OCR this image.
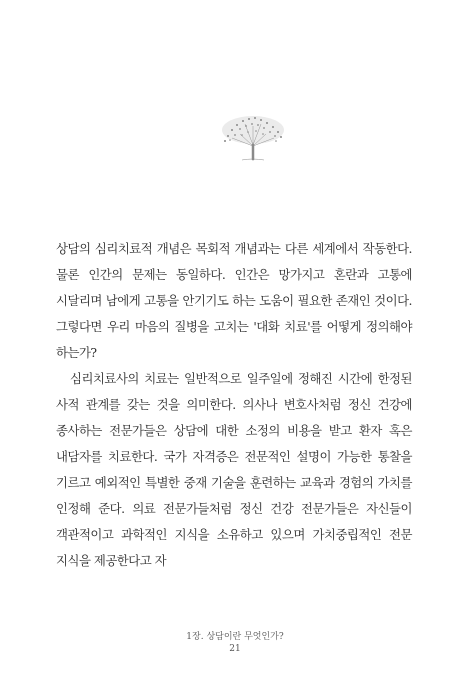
상담의 심리치료적 개념은 목회적 개념과는 다른 세계에서 작동한다. 물론 인간의 문제는 동일하다. 인간은 망가지고 혼란과 고통에 시달리며 남에게 고통을 안기기도 하는 도움이 필요한 존재인 것이다. 그렇다면 우리 마음의 질병을 고치는 '대화 치료'를 어떻게 정의해야 하는가?

심리치료사의 치료는 일반적으로 일주일에 정해진 시간에 한정된 사적 관계를 갖는 것을 의미한다. 의사나 변호사처럼 정신 건강에 종사하는 전문가들은 상담에 대한 소정의 비용을 받고 환자 혹은 내담자를 치료한다. 국가 자격증은 전문적인 설명이 가능한 통찰을 기르고 예외적인 특별한 중재 기술을 훈련하는 교육과 경험의 가치를 인정해 준다. 의료 전문가들처럼 정신 건강 전문가들은 자신들이 객관적이고 과학적인 지식을 소유하고 있으며 가치중립적인 전문 지식을 제공한다고 자

1장. 상담이란 무엇인가?
21
